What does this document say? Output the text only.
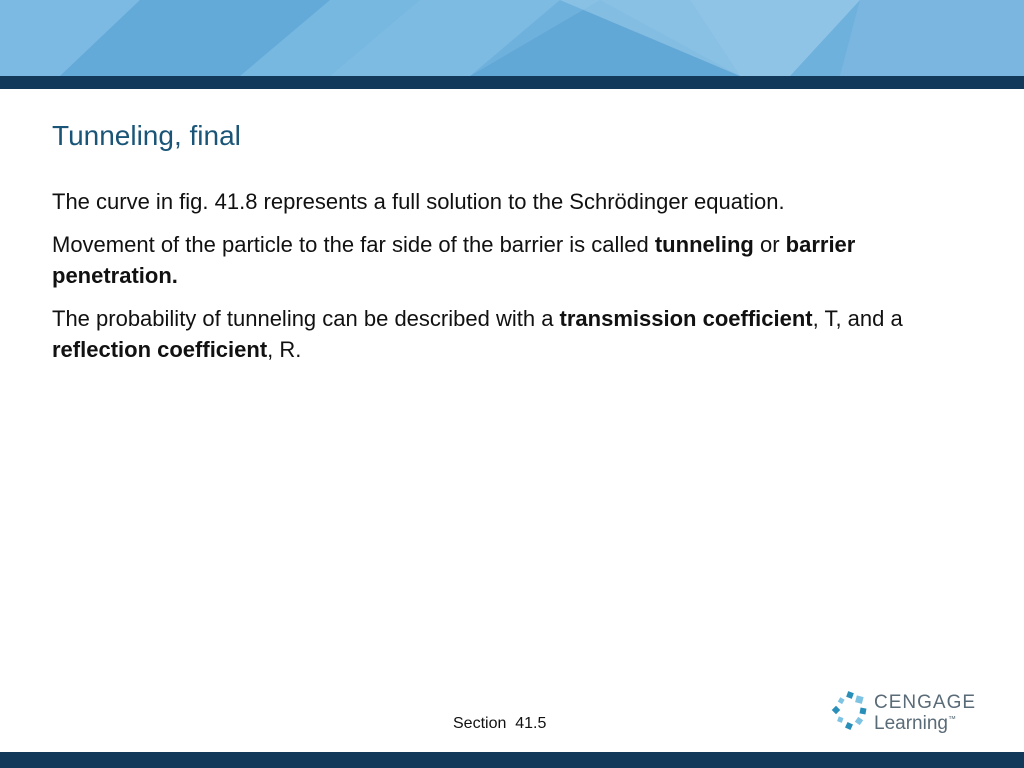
Tunneling, final

The curve in fig. 41.8 represents a full solution to the Schrödinger equation.

Movement of the particle to the far side of the barrier is called tunneling or barrier penetration.

The probability of tunneling can be described with a transmission coefficient, T, and a reflection coefficient, R.

Section  41.5
CENGAGE
Learning™
